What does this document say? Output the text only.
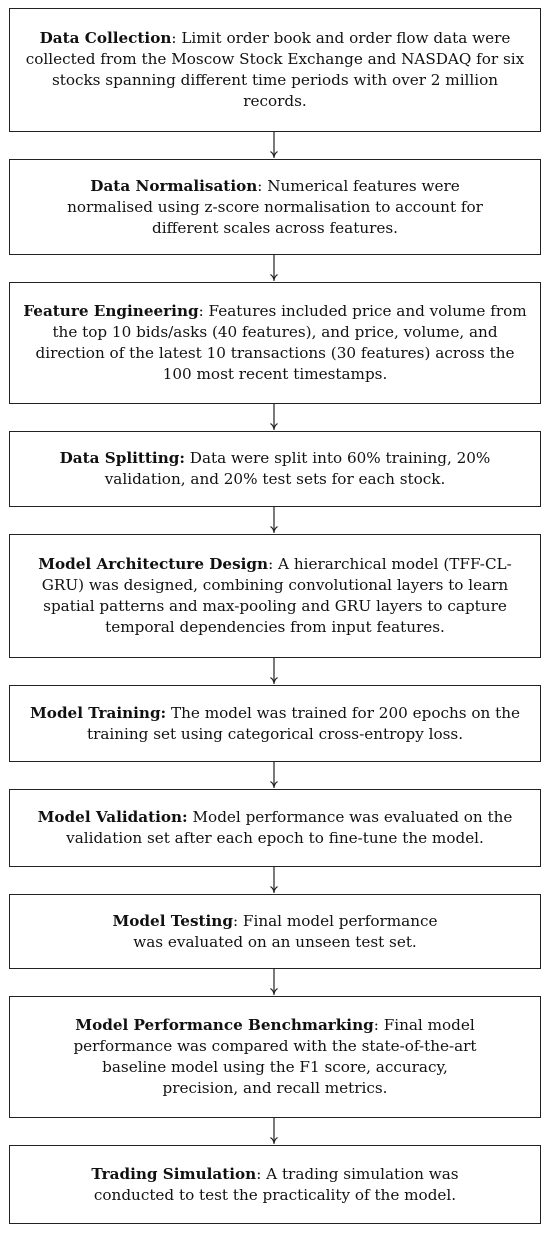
Data Collection: Limit order book and order flow data were collected from the Moscow Stock Exchange and NASDAQ for six stocks spanning different time periods with over 2 million records.

Data Normalisation: Numerical features were normalised using z-score normalisation to account for different scales across features.

Feature Engineering: Features included price and volume from the top 10 bids/asks (40 features), and price, volume, and direction of the latest 10 transactions (30 features) across the 100 most recent timestamps.

Data Splitting: Data were split into 60% training, 20% validation, and 20% test sets for each stock.

Model Architecture Design: A hierarchical model (TFF-CL-GRU) was designed, combining convolutional layers to learn spatial patterns and max-pooling and GRU layers to capture temporal dependencies from input features.

Model Training: The model was trained for 200 epochs on the training set using categorical cross-entropy loss.

Model Validation: Model performance was evaluated on the validation set after each epoch to fine-tune the model.

Model Testing: Final model performance was evaluated on an unseen test set.

Model Performance Benchmarking: Final model performance was compared with the state-of-the-art baseline model using the F1 score, accuracy, precision, and recall metrics.

Trading Simulation: A trading simulation was conducted to test the practicality of the model.
